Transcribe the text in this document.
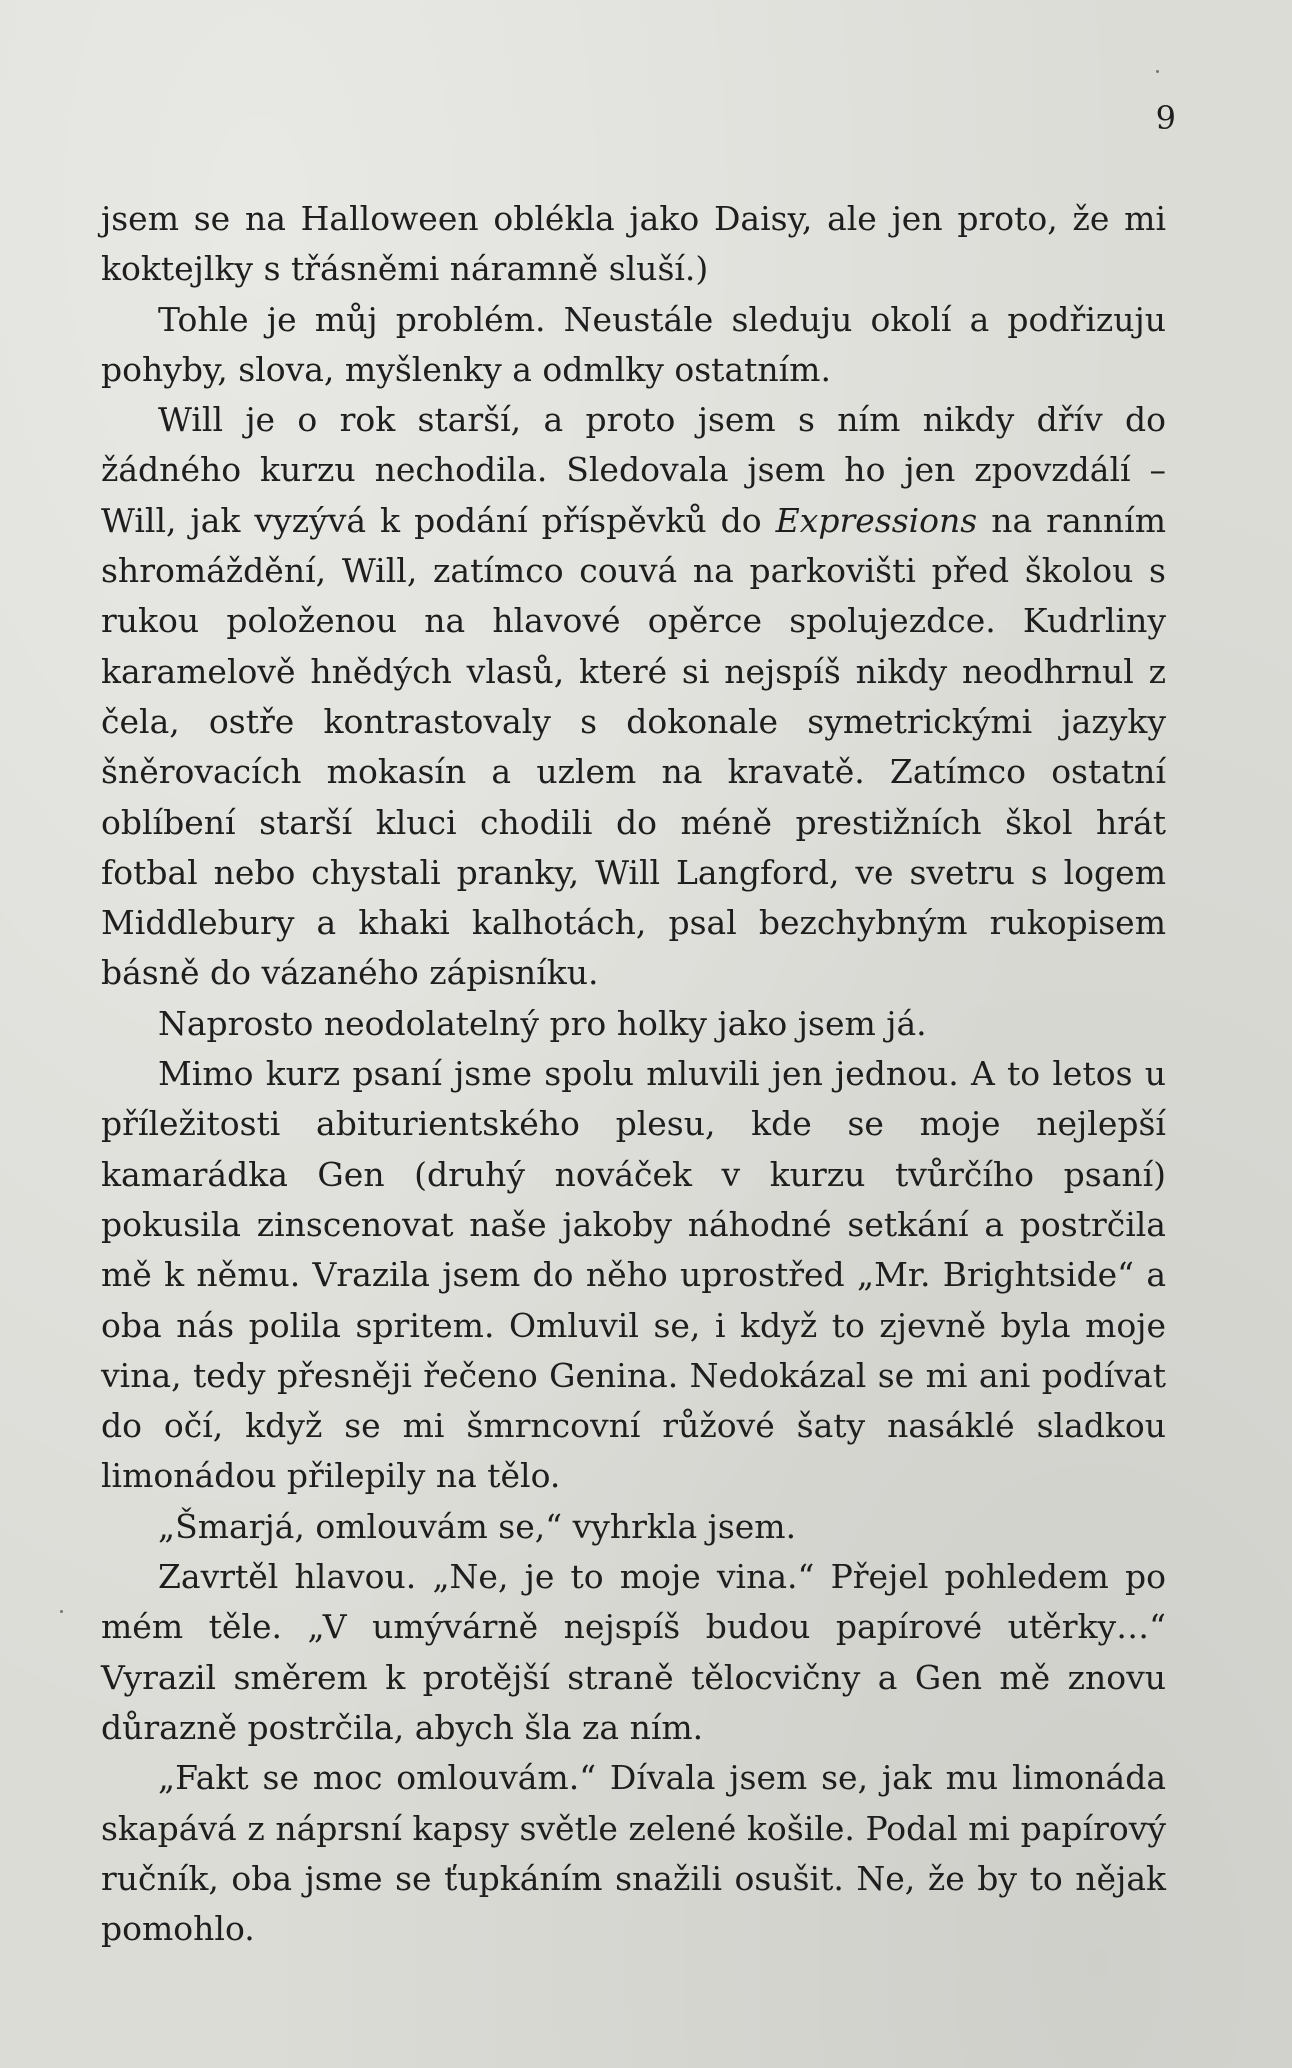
9

jsem se na Halloween oblékla jako Daisy, ale jen proto, že mi koktejlky s třásněmi náramně sluší.)

Tohle je můj problém. Neustále sleduju okolí a podřizuju pohyby, slova, myšlenky a odmlky ostatním.

Will je o rok starší, a proto jsem s ním nikdy dřív do žádného kurzu nechodila. Sledovala jsem ho jen zpovzdálí – Will, jak vyzývá k podání příspěvků do Expressions na ranním shromáždění, Will, zatímco couvá na parkovišti před školou s rukou položenou na hlavové opěrce spolujezdce. Kudrliny karamelově hnědých vlasů, které si nejspíš nikdy neodhrnul z čela, ostře kontrastovaly s dokonale symetrickými jazyky šněrovacích mokasín a uzlem na kravatě. Zatímco ostatní oblíbení starší kluci chodili do méně prestižních škol hrát fotbal nebo chystali pranky, Will Langford, ve svetru s logem Middlebury a khaki kalhotách, psal bezchybným rukopisem básně do vázaného zápisníku.

Naprosto neodolatelný pro holky jako jsem já.

Mimo kurz psaní jsme spolu mluvili jen jednou. A to letos u příležitosti abiturientského plesu, kde se moje nejlepší kamarádka Gen (druhý nováček v kurzu tvůrčího psaní) pokusila zinscenovat naše jakoby náhodné setkání a postrčila mě k němu. Vrazila jsem do něho uprostřed „Mr. Brightside“ a oba nás polila spritem. Omluvil se, i když to zjevně byla moje vina, tedy přesněji řečeno Genina. Nedokázal se mi ani podívat do očí, když se mi šmrncovní růžové šaty nasáklé sladkou limonádou přilepily na tělo.

„Šmarjá, omlouvám se,“ vyhrkla jsem.

Zavrtěl hlavou. „Ne, je to moje vina.“ Přejel pohledem po mém těle. „V umývárně nejspíš budou papírové utěrky…“ Vyrazil směrem k protější straně tělocvičny a Gen mě znovu důrazně postrčila, abych šla za ním.

„Fakt se moc omlouvám.“ Dívala jsem se, jak mu limonáda skapává z náprsní kapsy světle zelené košile. Podal mi papírový ručník, oba jsme se ťupkáním snažili osušit. Ne, že by to nějak pomohlo.
